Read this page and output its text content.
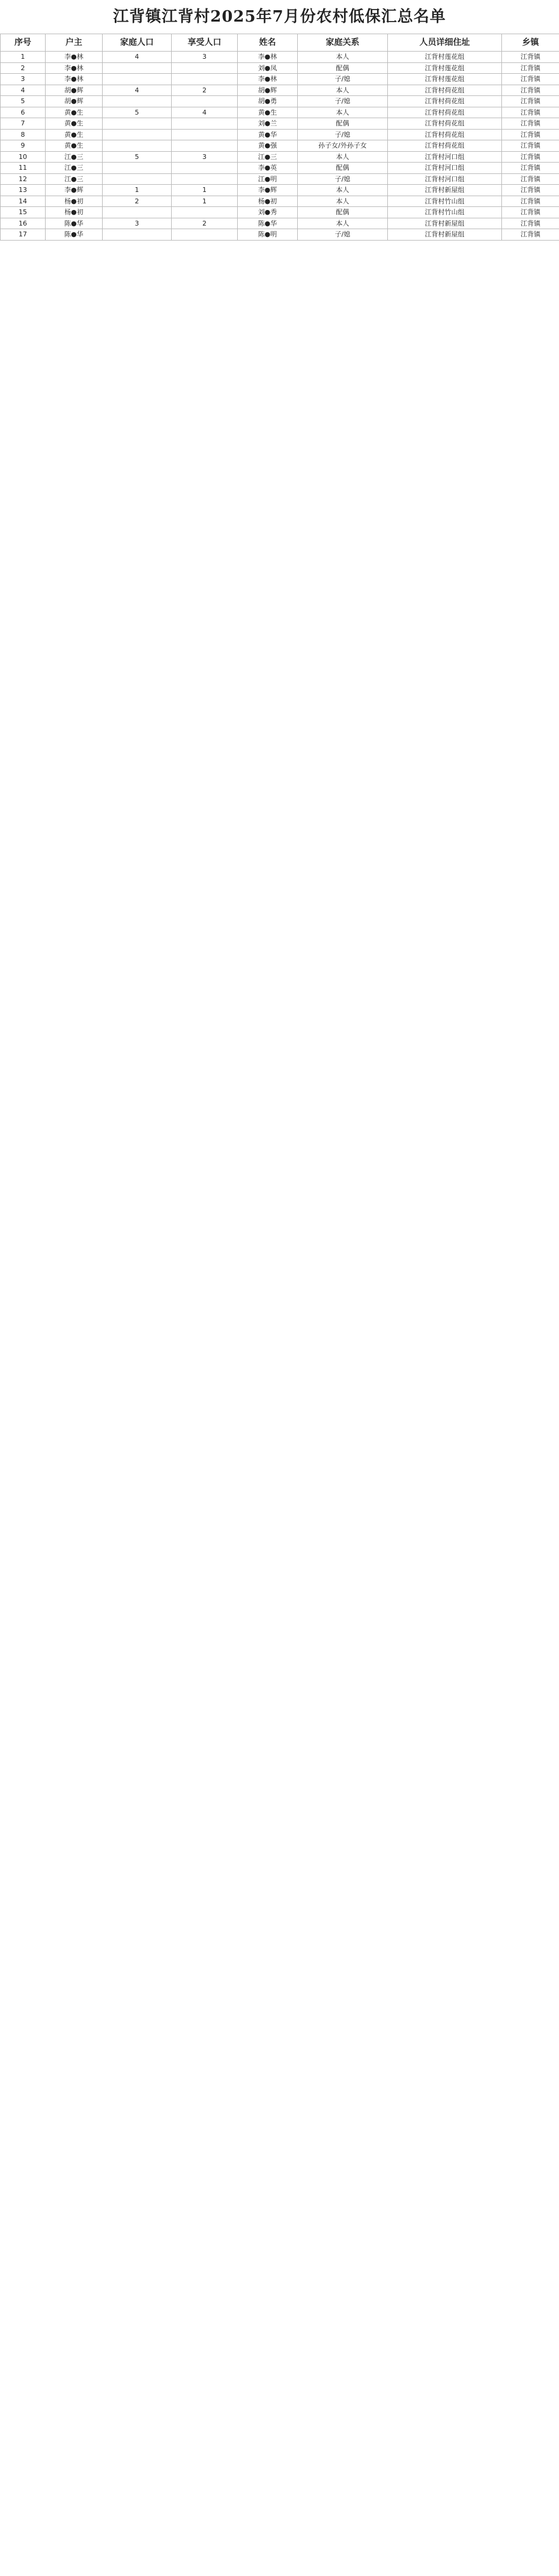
江背镇江背村2025年7月份农村低保汇总名单
序号	户主	家庭人口	享受人口	姓名	家庭关系	人员详细住址	乡镇
1	李●林	4	3	李●林	本人	江背村莲花组	江背镇
2	李●林			刘●凤	配偶	江背村莲花组	江背镇
3	李●林			李●林	子/媳	江背村莲花组	江背镇
4	胡●辉	4	2	胡●辉	本人	江背村荷花组	江背镇
5	胡●辉			胡●勇	子/媳	江背村荷花组	江背镇
6	黄●生	5	4	黄●生	本人	江背村荷花组	江背镇
7	黄●生			刘●兰	配偶	江背村荷花组	江背镇
8	黄●生			黄●华	子/媳	江背村荷花组	江背镇
9	黄●生			黄●强	孙子女/外孙子女	江背村荷花组	江背镇
10	江●三	5	3	江●三	本人	江背村河口组	江背镇
11	江●三			李●英	配偶	江背村河口组	江背镇
12	江●三			江●明	子/媳	江背村河口组	江背镇
13	李●辉	1	1	李●辉	本人	江背村新屋组	江背镇
14	杨●初	2	1	杨●初	本人	江背村竹山组	江背镇
15	杨●初			刘●秀	配偶	江背村竹山组	江背镇
16	陈●华	3	2	陈●华	本人	江背村新屋组	江背镇
17	陈●华			陈●明	子/媳	江背村新屋组	江背镇
